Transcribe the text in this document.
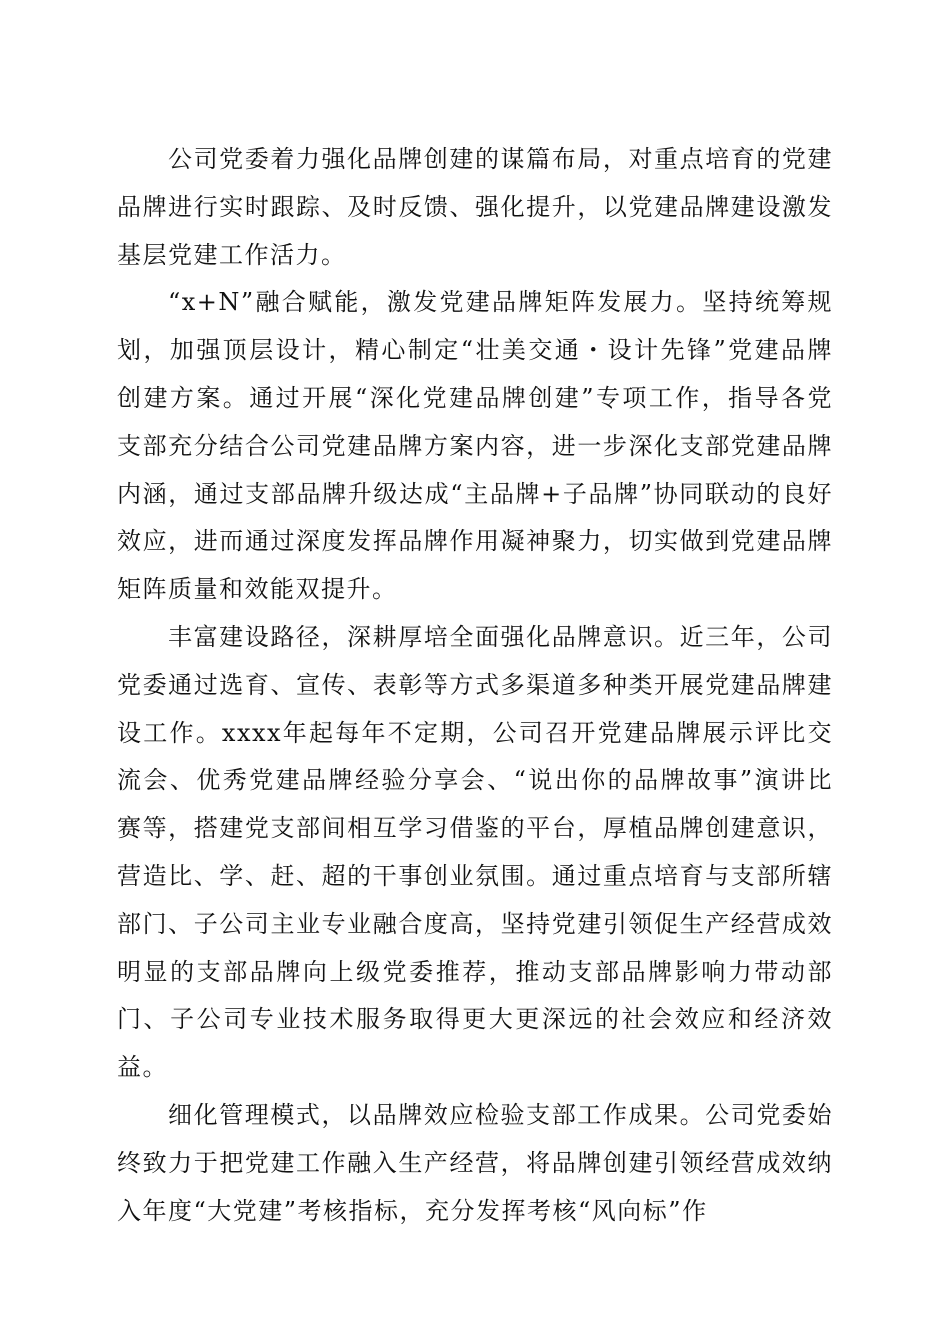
公司党委着力强化品牌创建的谋篇布局，对重点培育的党建品牌进行实时跟踪、及时反馈、强化提升，以党建品牌建设激发基层党建工作活力。

“x+N”融合赋能，激发党建品牌矩阵发展力。坚持统筹规划，加强顶层设计，精心制定“壮美交通・设计先锋”党建品牌创建方案。通过开展“深化党建品牌创建”专项工作，指导各党支部充分结合公司党建品牌方案内容，进一步深化支部党建品牌内涵，通过支部品牌升级达成“主品牌+子品牌”协同联动的良好效应，进而通过深度发挥品牌作用凝神聚力，切实做到党建品牌矩阵质量和效能双提升。

丰富建设路径，深耕厚培全面强化品牌意识。近三年，公司党委通过选育、宣传、表彰等方式多渠道多种类开展党建品牌建设工作。xxxx年起每年不定期，公司召开党建品牌展示评比交流会、优秀党建品牌经验分享会、“说出你的品牌故事”演讲比赛等，搭建党支部间相互学习借鉴的平台，厚植品牌创建意识，营造比、学、赶、超的干事创业氛围。通过重点培育与支部所辖部门、子公司主业专业融合度高，坚持党建引领促生产经营成效明显的支部品牌向上级党委推荐，推动支部品牌影响力带动部门、子公司专业技术服务取得更大更深远的社会效应和经济效益。

细化管理模式，以品牌效应检验支部工作成果。公司党委始终致力于把党建工作融入生产经营，将品牌创建引领经营成效纳入年度“大党建”考核指标，充分发挥考核“风向标”作
